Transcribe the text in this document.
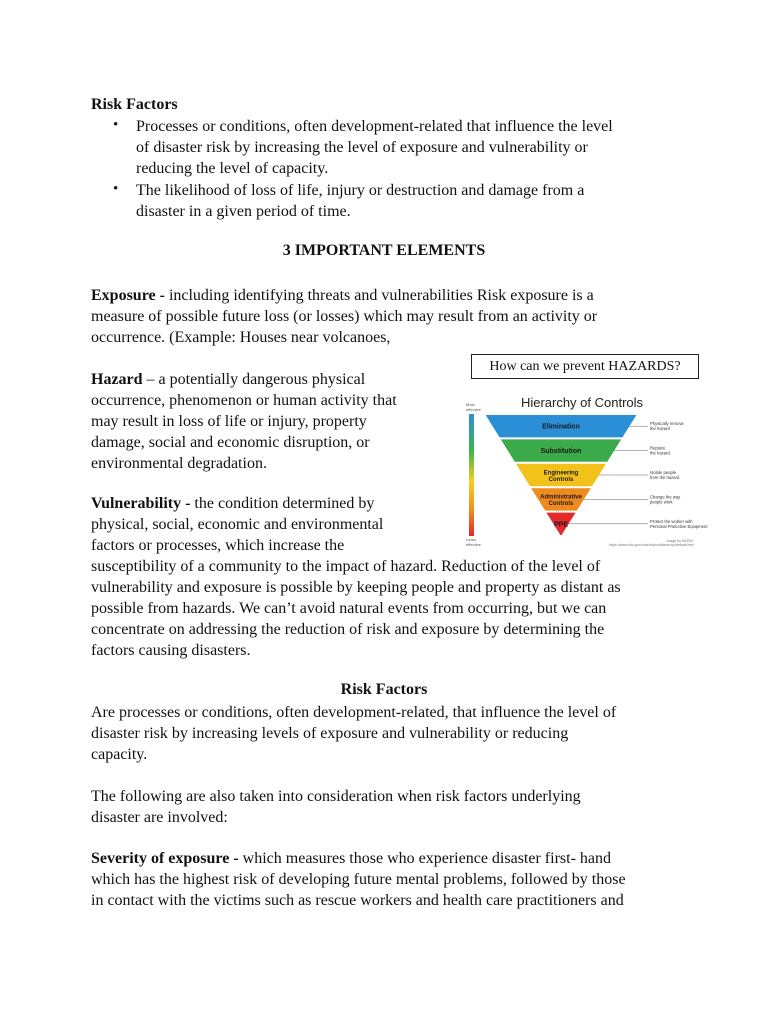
Risk Factors
• Processes or conditions, often development-related that influence the level
of disaster risk by increasing the level of exposure and vulnerability or
reducing the level of capacity.
• The likelihood of loss of life, injury or destruction and damage from a
disaster in a given period of time.
3 IMPORTANT ELEMENTS
Exposure - including identifying threats and vulnerabilities Risk exposure is a
measure of possible future loss (or losses) which may result from an activity or
occurrence. (Example: Houses near volcanoes,
Hazard – a potentially dangerous physical
occurrence, phenomenon or human activity that
may result in loss of life or injury, property
damage, social and economic disruption, or
environmental degradation.
Vulnerability - the condition determined by
physical, social, economic and environmental
factors or processes, which increase the
susceptibility of a community to the impact of hazard. Reduction of the level of
vulnerability and exposure is possible by keeping people and property as distant as
possible from hazards. We can’t avoid natural events from occurring, but we can
concentrate on addressing the reduction of risk and exposure by determining the
factors causing disasters.
How can we prevent HAZARDS?
Hierarchy of Controls
Most effective
Least effective
Elimination	Physically remove the hazard
Substitution	Replace the hazard
Engineering Controls
Isolate people from the hazard
Administrative Controls
Change the way people work
PPE	Protect the worker with Personal Protective Equipment
Image by NIOSH https://www.cdc.gov/niosh/topics/hierarchy/default.html
Risk Factors
Are processes or conditions, often development-related, that influence the level of
disaster risk by increasing levels of exposure and vulnerability or reducing
capacity.
The following are also taken into consideration when risk factors underlying
disaster are involved:
Severity of exposure - which measures those who experience disaster first- hand
which has the highest risk of developing future mental problems, followed by those
in contact with the victims such as rescue workers and health care practitioners and
